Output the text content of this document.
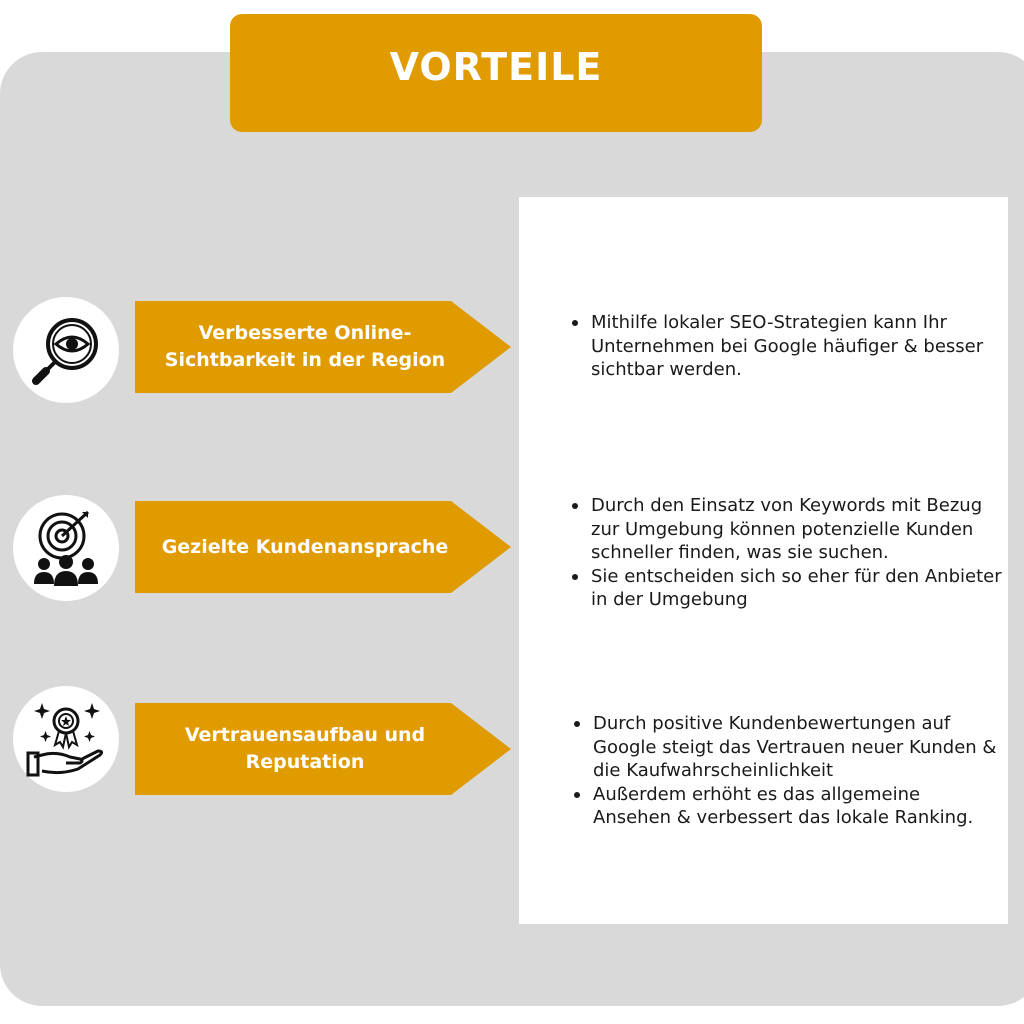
VORTEILE
Verbesserte Online-Sichtbarkeit in der Region
Mithilfe lokaler SEO-Strategien kann Ihr Unternehmen bei Google häufiger & besser sichtbar werden.
Gezielte Kundenansprache
Durch den Einsatz von Keywords mit Bezug zur Umgebung können potenzielle Kunden schneller finden, was sie suchen.
Sie entscheiden sich so eher für den Anbieter in der Umgebung
Vertrauensaufbau und Reputation
Durch positive Kundenbewertungen auf Google steigt das Vertrauen neuer Kunden & die Kaufwahrscheinlichkeit
Außerdem erhöht es das allgemeine Ansehen & verbessert das lokale Ranking.
